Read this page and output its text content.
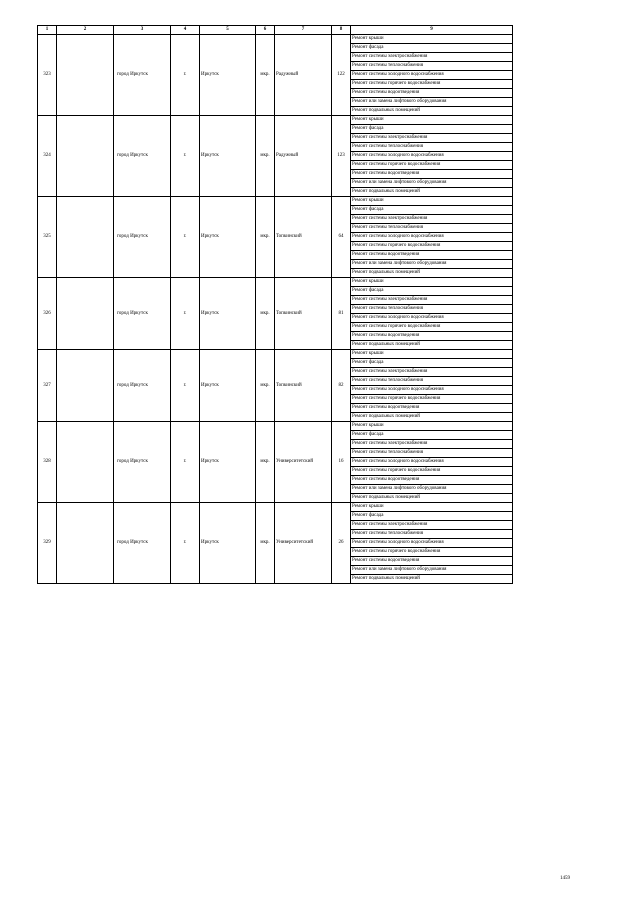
1	2	3	4	5	6	7	8	9
323		город Иркутск	г.	Иркутск	мкр.	Радужный	122	Ремонт крыши
								Ремонт фасада
								Ремонт системы электроснабжения
								Ремонт системы теплоснабжения
								Ремонт системы холодного водоснабжения
								Ремонт системы горячего водоснабжения
								Ремонт системы водоотведения
								Ремонт или замена лифтового оборудования
								Ремонт подвальных помещений
324		город Иркутск	г.	Иркутск	мкр.	Радужный	123	Ремонт крыши
								Ремонт фасада
								Ремонт системы электроснабжения
								Ремонт системы теплоснабжения
								Ремонт системы холодного водоснабжения
								Ремонт системы горячего водоснабжения
								Ремонт системы водоотведения
								Ремонт или замена лифтового оборудования
								Ремонт подвальных помещений
325		город Иркутск	г.	Иркутск	мкр.	Топкинский	64	Ремонт крыши
								Ремонт фасада
								Ремонт системы электроснабжения
								Ремонт системы теплоснабжения
								Ремонт системы холодного водоснабжения
								Ремонт системы горячего водоснабжения
								Ремонт системы водоотведения
								Ремонт или замена лифтового оборудования
								Ремонт подвальных помещений
326		город Иркутск	г.	Иркутск	мкр.	Топкинский	81	Ремонт крыши
								Ремонт фасада
								Ремонт системы электроснабжения
								Ремонт системы теплоснабжения
								Ремонт системы холодного водоснабжения
								Ремонт системы горячего водоснабжения
								Ремонт системы водоотведения
								Ремонт подвальных помещений
327		город Иркутск	г.	Иркутск	мкр.	Топкинский	82	Ремонт крыши
								Ремонт фасада
								Ремонт системы электроснабжения
								Ремонт системы теплоснабжения
								Ремонт системы холодного водоснабжения
								Ремонт системы горячего водоснабжения
								Ремонт системы водоотведения
								Ремонт подвальных помещений
328		город Иркутск	г.	Иркутск	мкр.	Университетский	16	Ремонт крыши
								Ремонт фасада
								Ремонт системы электроснабжения
								Ремонт системы теплоснабжения
								Ремонт системы холодного водоснабжения
								Ремонт системы горячего водоснабжения
								Ремонт системы водоотведения
								Ремонт или замена лифтового оборудования
								Ремонт подвальных помещений
329		город Иркутск	г.	Иркутск	мкр.	Университетский	26	Ремонт крыши
								Ремонт фасада
								Ремонт системы электроснабжения
								Ремонт системы теплоснабжения
								Ремонт системы холодного водоснабжения
								Ремонт системы горячего водоснабжения
								Ремонт системы водоотведения
								Ремонт или замена лифтового оборудования
								Ремонт подвальных помещений
1459
